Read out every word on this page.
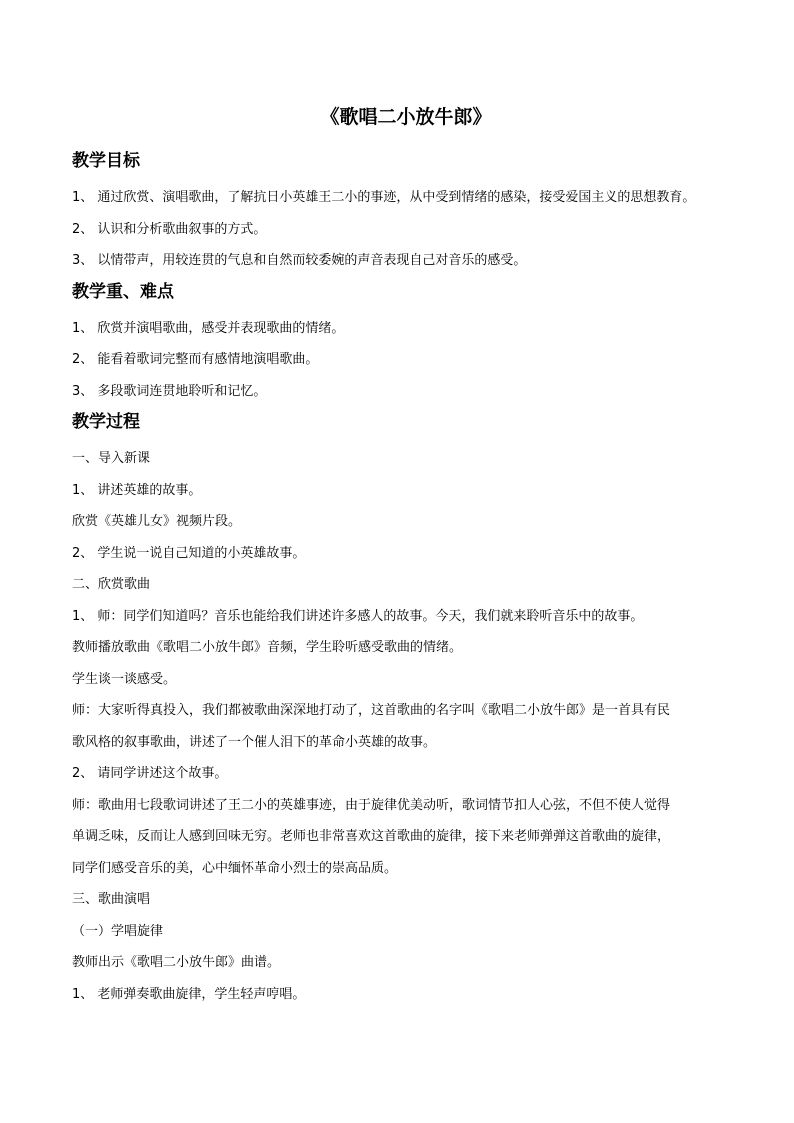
《歌唱二小放牛郎》
教学目标

1、 通过欣赏、演唱歌曲，了解抗日小英雄王二小的事迹，从中受到情绪的感染，接受爱国主义的思想教育。

2、 认识和分析歌曲叙事的方式。

3、 以情带声，用较连贯的气息和自然而较委婉的声音表现自己对音乐的感受。

教学重、难点

1、 欣赏并演唱歌曲，感受并表现歌曲的情绪。

2、 能看着歌词完整而有感情地演唱歌曲。

3、 多段歌词连贯地聆听和记忆。

教学过程

一、导入新课

1、 讲述英雄的故事。

欣赏《英雄儿女》视频片段。

2、 学生说一说自己知道的小英雄故事。

二、欣赏歌曲

1、 师：同学们知道吗？音乐也能给我们讲述许多感人的故事。今天，我们就来聆听音乐中的故事。

教师播放歌曲《歌唱二小放牛郎》音频，学生聆听感受歌曲的情绪。

学生谈一谈感受。

师：大家听得真投入，我们都被歌曲深深地打动了，这首歌曲的名字叫《歌唱二小放牛郎》是一首具有民

歌风格的叙事歌曲，讲述了一个催人泪下的革命小英雄的故事。

2、 请同学讲述这个故事。

师：歌曲用七段歌词讲述了王二小的英雄事迹，由于旋律优美动听，歌词情节扣人心弦，不但不使人觉得

单调乏味，反而让人感到回味无穷。老师也非常喜欢这首歌曲的旋律，接下来老师弹弹这首歌曲的旋律，

同学们感受音乐的美，心中缅怀革命小烈士的崇高品质。

三、歌曲演唱

（一）学唱旋律

教师出示《歌唱二小放牛郎》曲谱。

1、 老师弹奏歌曲旋律，学生轻声哼唱。
